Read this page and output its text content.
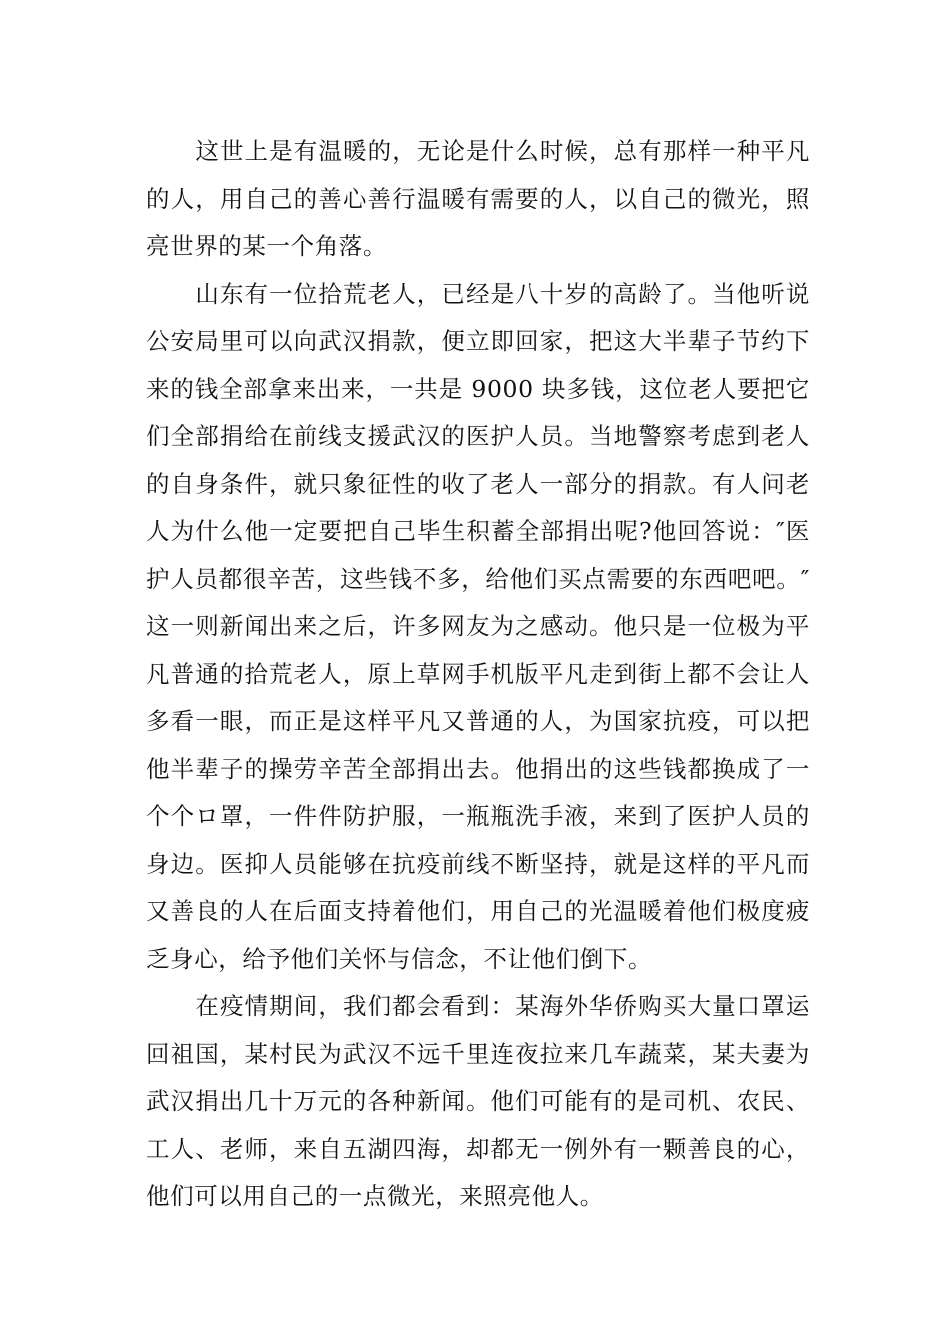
这世上是有温暖的，无论是什么时候，总有那样一种平凡的人，用自己的善心善行温暖有需要的人，以自己的微光，照亮世界的某一个角落。

山东有一位拾荒老人，已经是八十岁的高龄了。当他听说公安局里可以向武汉捐款，便立即回家，把这大半辈子节约下来的钱全部拿来出来，一共是 9000 块多钱，这位老人要把它们全部捐给在前线支援武汉的医护人员。当地警察考虑到老人的自身条件，就只象征性的收了老人一部分的捐款。有人问老人为什么他一定要把自己毕生积蓄全部捐出呢?他回答说：″医护人员都很辛苦，这些钱不多，给他们买点需要的东西吧吧。″这一则新闻出来之后，许多网友为之感动。他只是一位极为平凡普通的拾荒老人，原上草网手机版平凡走到街上都不会让人多看一眼，而正是这样平凡又普通的人，为国家抗疫，可以把他半辈子的操劳辛苦全部捐出去。他捐出的这些钱都换成了一个个ロ罩，一件件防护服，一瓶瓶洗手液，来到了医护人员的身边。医抑人员能够在抗疫前线不断坚持，就是这样的平凡而又善良的人在后面支持着他们，用自己的光温暖着他们极度疲乏身心，给予他们关怀与信念，不让他们倒下。

在疫情期间，我们都会看到：某海外华侨购买大量口罩运回祖国，某村民为武汉不远千里连夜拉来几车蔬菜，某夫妻为武汉捐出几十万元的各种新闻。他们可能有的是司机、农民、工人、老师，来自五湖四海，却都无一例外有一颗善良的心，他们可以用自己的一点微光，来照亮他人。
